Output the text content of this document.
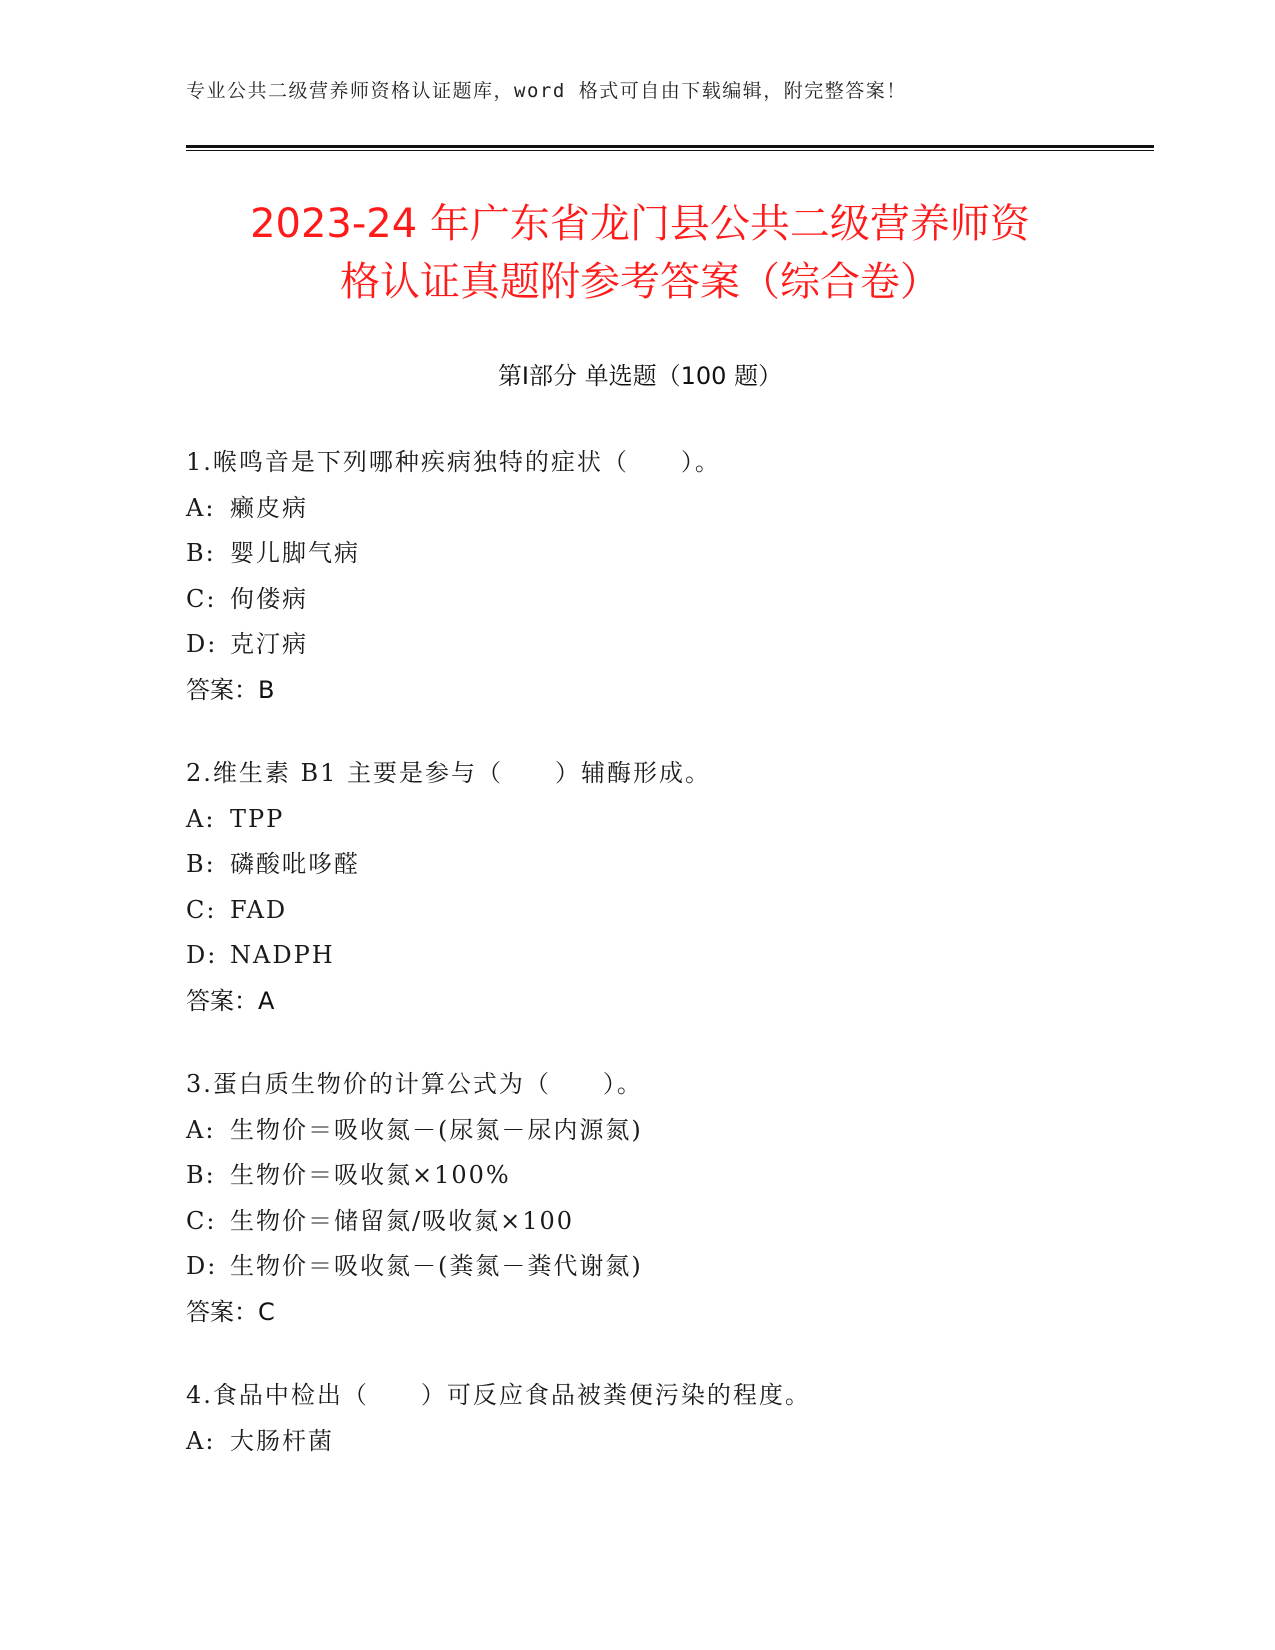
专业公共二级营养师资格认证题库，word 格式可自由下载编辑，附完整答案！
2023-24 年广东省龙门县公共二级营养师资
格认证真题附参考答案（综合卷）
第Ⅰ部分 单选题（100 题）
1.喉鸣音是下列哪种疾病独特的症状（　　）。
A: 癞皮病
B: 婴儿脚气病
C: 佝偻病
D: 克汀病
答案：B
2.维生素 B1 主要是参与（　　）辅酶形成。
A: TPP
B: 磷酸吡哆醛
C: FAD
D: NADPH
答案：A
3.蛋白质生物价的计算公式为（　　）。
A: 生物价＝吸收氮－(尿氮－尿内源氮)
B: 生物价＝吸收氮×100%
C: 生物价＝储留氮/吸收氮×100
D: 生物价＝吸收氮－(粪氮－粪代谢氮)
答案：C
4.食品中检出（　　）可反应食品被粪便污染的程度。
A: 大肠杆菌
